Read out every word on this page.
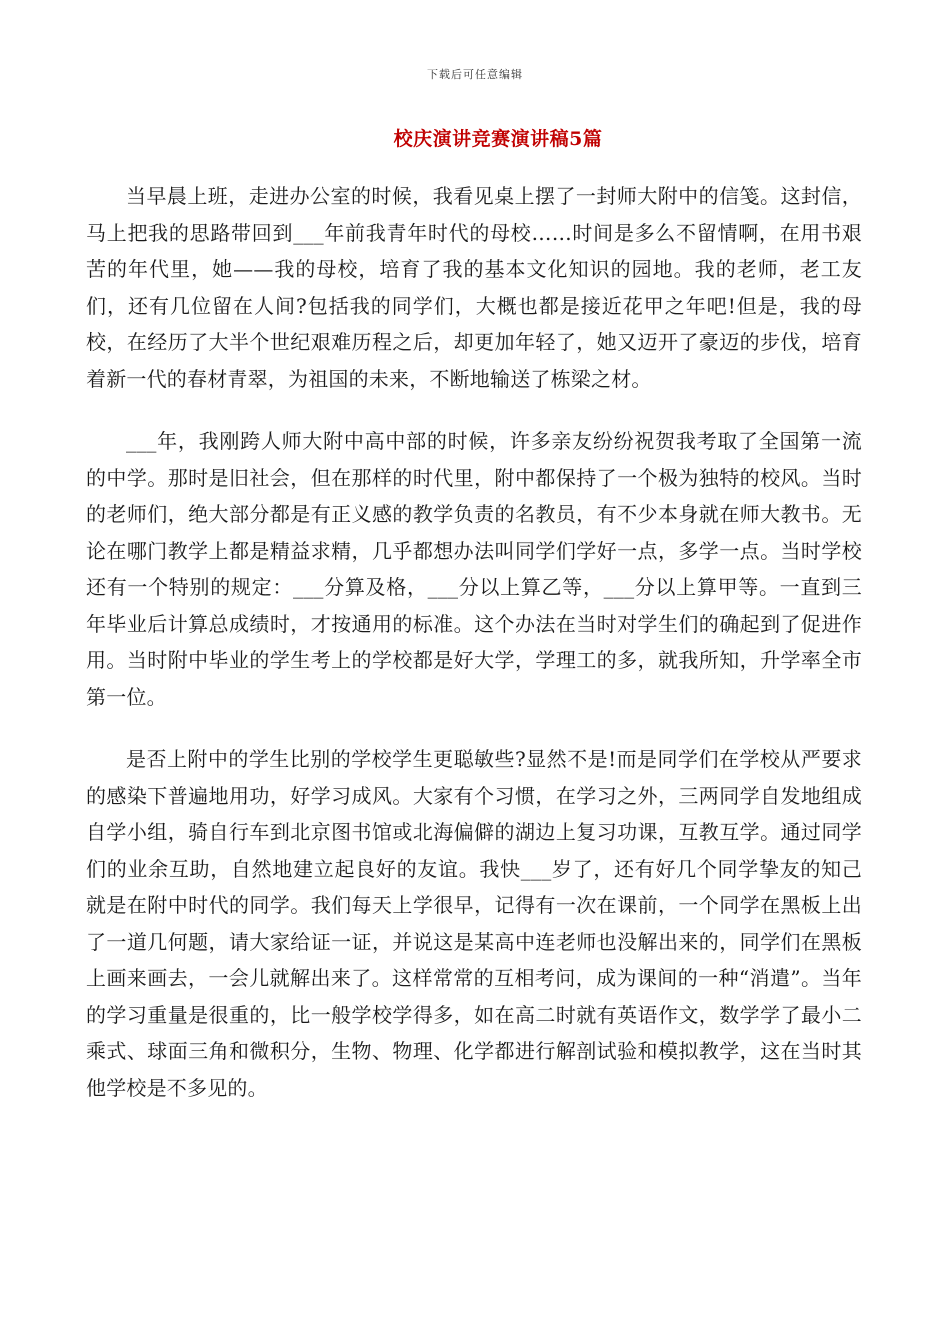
下载后可任意编辑
校庆演讲竞赛演讲稿5篇

当早晨上班，走进办公室的时候，我看见桌上摆了一封师大附中的信笺。这封信，马上把我的思路带回到___年前我青年时代的母校……时间是多么不留情啊，在用书艰苦的年代里，她——我的母校，培育了我的基本文化知识的园地。我的老师，老工友们，还有几位留在人间?包括我的同学们，大概也都是接近花甲之年吧!但是，我的母校，在经历了大半个世纪艰难历程之后，却更加年轻了，她又迈开了豪迈的步伐，培育着新一代的春材青翠，为祖国的未来，不断地输送了栋梁之材。

___年，我刚跨人师大附中高中部的时候，许多亲友纷纷祝贺我考取了全国第一流的中学。那时是旧社会，但在那样的时代里，附中都保持了一个极为独特的校风。当时的老师们，绝大部分都是有正义感的教学负责的名教员，有不少本身就在师大教书。无论在哪门教学上都是精益求精，几乎都想办法叫同学们学好一点，多学一点。当时学校还有一个特别的规定：___分算及格，___分以上算乙等，___分以上算甲等。一直到三年毕业后计算总成绩时，才按通用的标准。这个办法在当时对学生们的确起到了促进作用。当时附中毕业的学生考上的学校都是好大学，学理工的多，就我所知，升学率全市第一位。

是否上附中的学生比别的学校学生更聪敏些?显然不是!而是同学们在学校从严要求的感染下普遍地用功，好学习成风。大家有个习惯，在学习之外，三两同学自发地组成自学小组，骑自行车到北京图书馆或北海偏僻的湖边上复习功课，互教互学。通过同学们的业余互助，自然地建立起良好的友谊。我快___岁了，还有好几个同学挚友的知己就是在附中时代的同学。我们每天上学很早，记得有一次在课前，一个同学在黑板上出了一道几何题，请大家给证一证，并说这是某高中连老师也没解出来的，同学们在黑板上画来画去，一会儿就解出来了。这样常常的互相考问，成为课间的一种“消遣”。当年的学习重量是很重的，比一般学校学得多，如在高二时就有英语作文，数学学了最小二乘式、球面三角和微积分，生物、物理、化学都进行解剖试验和模拟教学，这在当时其他学校是不多见的。
